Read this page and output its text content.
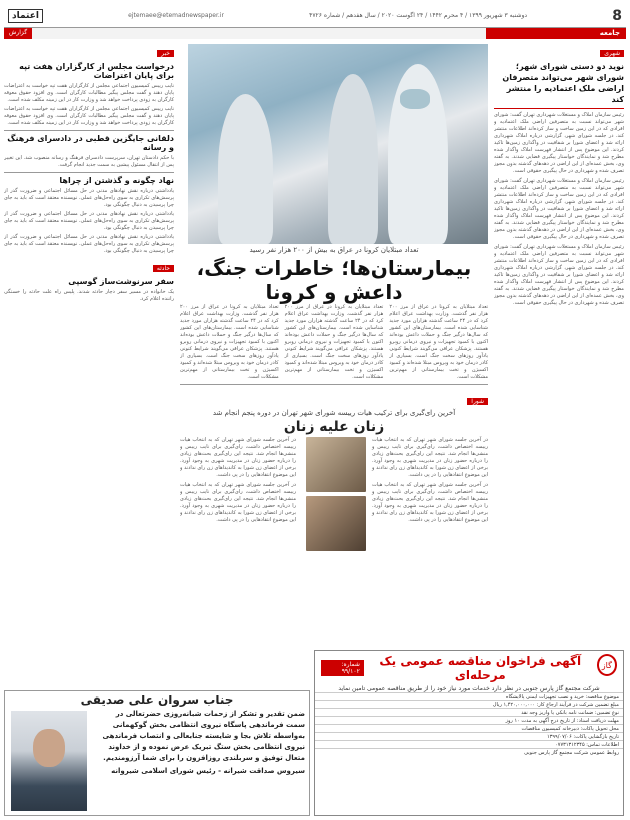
8
دوشنبه ۳ شهریور ۱۳۹۹ / ۴ محرم ۱۴۴۲ / ۲۴ اگوست ۲۰۲۰ / سال هفدهم / شماره ۴۷۲۶
ejtemaee@etemadnewspaper.ir
اعتماد
جامعه
گزارش
شهری
نوید دو دستی شورای شهر؛ شورای شهر می‌تواند متصرفان اراضی ملک اعتمادیه را منتشر کند
رئیس سازمان املاک و مستغلات شهرداری تهران گفت: شورای شهر می‌تواند نسبت به متصرفین اراضی ملک اعتمادیه و افرادی که در این زمین ساخت و ساز کرده‌اند اطلاعات منتشر کند. در جلسه شورای شهر، گزارشی درباره املاک شهرداری ارائه شد و اعضای شورا بر شفافیت در واگذاری زمین‌ها تاکید کردند. این موضوع پس از انتشار فهرست املاک واگذار شده مطرح شد و نمایندگان خواستار پیگیری قضایی شدند. به گفته وی، بخش عمده‌ای از این اراضی در دهه‌های گذشته بدون مجوز تصرف شده و شهرداری در حال پیگیری حقوقی است.
رئیس سازمان املاک و مستغلات شهرداری تهران گفت: شورای شهر می‌تواند نسبت به متصرفین اراضی ملک اعتمادیه و افرادی که در این زمین ساخت و ساز کرده‌اند اطلاعات منتشر کند. در جلسه شورای شهر، گزارشی درباره املاک شهرداری ارائه شد و اعضای شورا بر شفافیت در واگذاری زمین‌ها تاکید کردند. این موضوع پس از انتشار فهرست املاک واگذار شده مطرح شد و نمایندگان خواستار پیگیری قضایی شدند. به گفته وی، بخش عمده‌ای از این اراضی در دهه‌های گذشته بدون مجوز تصرف شده و شهرداری در حال پیگیری حقوقی است.
رئیس سازمان املاک و مستغلات شهرداری تهران گفت: شورای شهر می‌تواند نسبت به متصرفین اراضی ملک اعتمادیه و افرادی که در این زمین ساخت و ساز کرده‌اند اطلاعات منتشر کند. در جلسه شورای شهر، گزارشی درباره املاک شهرداری ارائه شد و اعضای شورا بر شفافیت در واگذاری زمین‌ها تاکید کردند. این موضوع پس از انتشار فهرست املاک واگذار شده مطرح شد و نمایندگان خواستار پیگیری قضایی شدند. به گفته وی، بخش عمده‌ای از این اراضی در دهه‌های گذشته بدون مجوز تصرف شده و شهرداری در حال پیگیری حقوقی است.
تعداد مبتلایان کرونا در عراق به بیش از ۲۰۰ هزار نفر رسید
بیمارستان‌ها؛ خاطرات جنگ، داعش و کرونا
تعداد مبتلایان به کرونا در عراق از مرز ۲۰۰ هزار نفر گذشت. وزارت بهداشت عراق اعلام کرد که در ۲۴ ساعت گذشته هزاران مورد جدید شناسایی شده است. بیمارستان‌های این کشور که سال‌ها درگیر جنگ و حملات داعش بوده‌اند اکنون با کمبود تجهیزات و نیروی درمانی روبرو هستند. پزشکان عراقی می‌گویند شرایط کنونی یادآور روزهای سخت جنگ است. بسیاری از کادر درمان خود به ویروس مبتلا شده‌اند و کمبود اکسیژن و تخت بیمارستانی از مهم‌ترین مشکلات است.
تعداد مبتلایان به کرونا در عراق از مرز ۲۰۰ هزار نفر گذشت. وزارت بهداشت عراق اعلام کرد که در ۲۴ ساعت گذشته هزاران مورد جدید شناسایی شده است. بیمارستان‌های این کشور که سال‌ها درگیر جنگ و حملات داعش بوده‌اند اکنون با کمبود تجهیزات و نیروی درمانی روبرو هستند. پزشکان عراقی می‌گویند شرایط کنونی یادآور روزهای سخت جنگ است. بسیاری از کادر درمان خود به ویروس مبتلا شده‌اند و کمبود اکسیژن و تخت بیمارستانی از مهم‌ترین مشکلات است.
تعداد مبتلایان به کرونا در عراق از مرز ۲۰۰ هزار نفر گذشت. وزارت بهداشت عراق اعلام کرد که در ۲۴ ساعت گذشته هزاران مورد جدید شناسایی شده است. بیمارستان‌های این کشور که سال‌ها درگیر جنگ و حملات داعش بوده‌اند اکنون با کمبود تجهیزات و نیروی درمانی روبرو هستند. پزشکان عراقی می‌گویند شرایط کنونی یادآور روزهای سخت جنگ است. بسیاری از کادر درمان خود به ویروس مبتلا شده‌اند و کمبود اکسیژن و تخت بیمارستانی از مهم‌ترین مشکلات است.
شورا
آخرین رای‌گیری برای ترکیب هیات رییسه شورای شهر تهران در دوره پنجم انجام شد
زنان علیه زنان
در آخرین جلسه شورای شهر تهران که به انتخاب هیات رییسه اختصاص داشت، رای‌گیری برای نایب رییس و منشی‌ها انجام شد. نتیجه این رای‌گیری بحث‌های زیادی را درباره حضور زنان در مدیریت شهری به وجود آورد. برخی از اعضای زن شورا به کاندیداهای زن رای ندادند و این موضوع انتقادهایی را در پی داشت.
در آخرین جلسه شورای شهر تهران که به انتخاب هیات رییسه اختصاص داشت، رای‌گیری برای نایب رییس و منشی‌ها انجام شد. نتیجه این رای‌گیری بحث‌های زیادی را درباره حضور زنان در مدیریت شهری به وجود آورد. برخی از اعضای زن شورا به کاندیداهای زن رای ندادند و این موضوع انتقادهایی را در پی داشت.
در آخرین جلسه شورای شهر تهران که به انتخاب هیات رییسه اختصاص داشت، رای‌گیری برای نایب رییس و منشی‌ها انجام شد. نتیجه این رای‌گیری بحث‌های زیادی را درباره حضور زنان در مدیریت شهری به وجود آورد. برخی از اعضای زن شورا به کاندیداهای زن رای ندادند و این موضوع انتقادهایی را در پی داشت.
در آخرین جلسه شورای شهر تهران که به انتخاب هیات رییسه اختصاص داشت، رای‌گیری برای نایب رییس و منشی‌ها انجام شد. نتیجه این رای‌گیری بحث‌های زیادی را درباره حضور زنان در مدیریت شهری به وجود آورد. برخی از اعضای زن شورا به کاندیداهای زن رای ندادند و این موضوع انتقادهایی را در پی داشت.
خبر
درخواست مجلس از کارگزاران هفت تپه برای پایان اعتراضات
نایب رییس کمیسیون اجتماعی مجلس از کارگزاران هفت تپه خواست به اعتراضات پایان دهند و گفت مجلس پیگیر مطالبات کارگران است. وی افزود حقوق معوقه کارگران به زودی پرداخت خواهد شد و وزارت کار در این زمینه مکلف شده است.
نایب رییس کمیسیون اجتماعی مجلس از کارگزاران هفت تپه خواست به اعتراضات پایان دهند و گفت مجلس پیگیر مطالبات کارگران است. وی افزود حقوق معوقه کارگران به زودی پرداخت خواهد شد و وزارت کار در این زمینه مکلف شده است.
دلقانی جایگزین قطبی در دادسرای فرهنگ و رسانه
با حکم دادستان تهران، سرپرست دادسرای فرهنگ و رسانه منصوب شد. این تغییر پس از انتقال مسئول پیشین به سمت جدید انجام گرفت.
نهاد چگونه و گذشتن از چراها
یادداشتی درباره نقش نهادهای مدنی در حل مسائل اجتماعی و ضرورت گذر از پرسش‌های تکراری به سوی راه‌حل‌های عملی. نویسنده معتقد است که باید به جای چرا پرسیدن به دنبال چگونگی بود.
یادداشتی درباره نقش نهادهای مدنی در حل مسائل اجتماعی و ضرورت گذر از پرسش‌های تکراری به سوی راه‌حل‌های عملی. نویسنده معتقد است که باید به جای چرا پرسیدن به دنبال چگونگی بود.
یادداشتی درباره نقش نهادهای مدنی در حل مسائل اجتماعی و ضرورت گذر از پرسش‌های تکراری به سوی راه‌حل‌های عملی. نویسنده معتقد است که باید به جای چرا پرسیدن به دنبال چگونگی بود.
حادثه
سفر سرنوشت‌ساز گوسپی
یک خانواده در مسیر سفر دچار حادثه شدند. پلیس راه علت حادثه را خستگی راننده اعلام کرد.
گاز
آگهی فراخوان مناقصه عمومی یک مرحله‌ای
شماره: ۹۹/۱۰۲
شرکت مجتمع گاز پارس جنوبی در نظر دارد خدمات مورد نیاز خود را از طریق مناقصه عمومی تامین نماید
موضوع مناقصه: خرید و نصب تجهیزات ایمنی پالایشگاه
مبلغ تضمین شرکت در فرآیند ارجاع کار: ۱,۴۲۰,۰۰۰,۰۰۰ ریال
نوع تضمین: ضمانت نامه بانکی یا واریز وجه نقد
مهلت دریافت اسناد: از تاریخ درج آگهی به مدت ۱۰ روز
محل تحویل پاکات: دبیرخانه کمیسیون مناقصات
تاریخ بازگشایی پاکات: ۱۳۹۹/۰۷/۰۶
اطلاعات تماس: ۰۷۷۳۱۳۱۲۳۴۵
روابط عمومی شرکت مجتمع گاز پارس جنوبی
جناب سروان علی صدیقی
ضمن تقدیر و تشکر از زحمات شبانه‌روزی حضرتعالی در سمت فرماندهی پاسگاه نیروی انتظامی بخش گوکهمانی به‌واسطه تلاش بجا و شایسته جنابعالی و انتصاب فرماندهی نیروی انتظامی بخش ستگ تبریک عرض نموده و از خداوند متعال توفیق و سربلندی روزافزون را برای شما آرزومندیم.
سیروس صداقت شیرانه - رئیس شورای اسلامی شیروانه
